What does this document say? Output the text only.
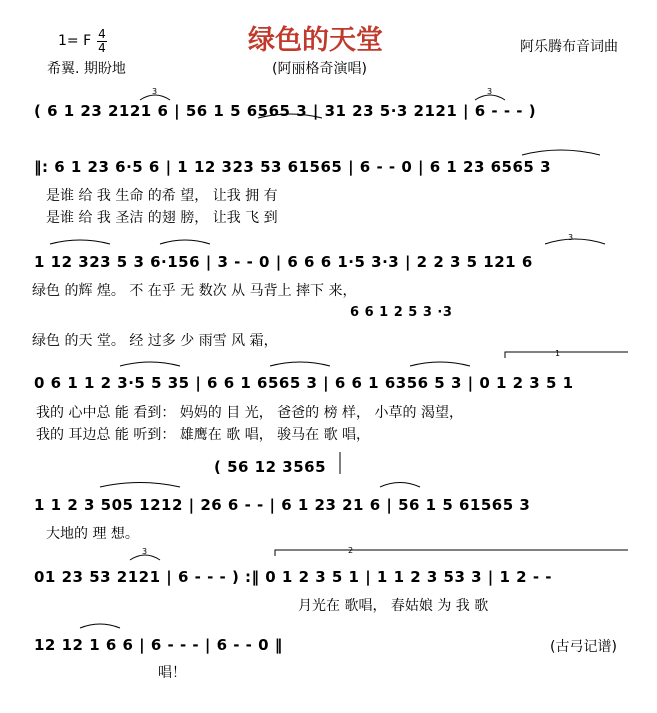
绿色的天堂
1= F 4
4	阿乐腾布音词曲
希翼. 期盼地	(阿丽格奇演唱)
( 6 1 23 2121 6 | 56 1 5 6565 3 | 31 23 5·3 2121 | 6 - - - )
‖: 6 1 23 6·5 6 | 1 12 323 53 61565 | 6 - - 0 | 6 1 23 6565 3
是谁 给 我 生命 的希 望， 让我 拥 有
是谁 给 我 圣洁 的翅 膀， 让我 飞 到
1 12 323 5 3 6·156 | 3 - - 0 | 6 6 6 1·5 3·3 | 2 2 3 5 121 6
绿色 的辉 煌。 不 在乎 无 数次 从 马背上 摔下 来，
6 6 1 2 5 3 ·3
绿色 的天 堂。 经 过多 少 雨雪 风 霜，
0 6 1 1 2 3·5 5 35 | 6 6 1 6565 3 | 6 6 1 6356 5 3 | 0 1 2 3 5 1
我的 心中总 能 看到： 妈妈的 目 光， 爸爸的 榜 样， 小草的 渴望，
我的 耳边总 能 听到： 雄鹰在 歌 唱， 骏马在 歌 唱，
( 56 12 3565
1 1 2 3 505 1212 | 26 6 - - | 6 1 23 21 6 | 56 1 5 61565 3
大地的 理 想。
01 23 53 2121 | 6 - - - ) :‖ 0 1 2 3 5 1 | 1 1 2 3 53 3 | 1 2 - -
月光在 歌唱， 春姑娘 为 我 歌
12 12 1 6 6 | 6 - - - | 6 - - 0 ‖
唱！
(古弓记谱)
3	3
3
3
1
2
